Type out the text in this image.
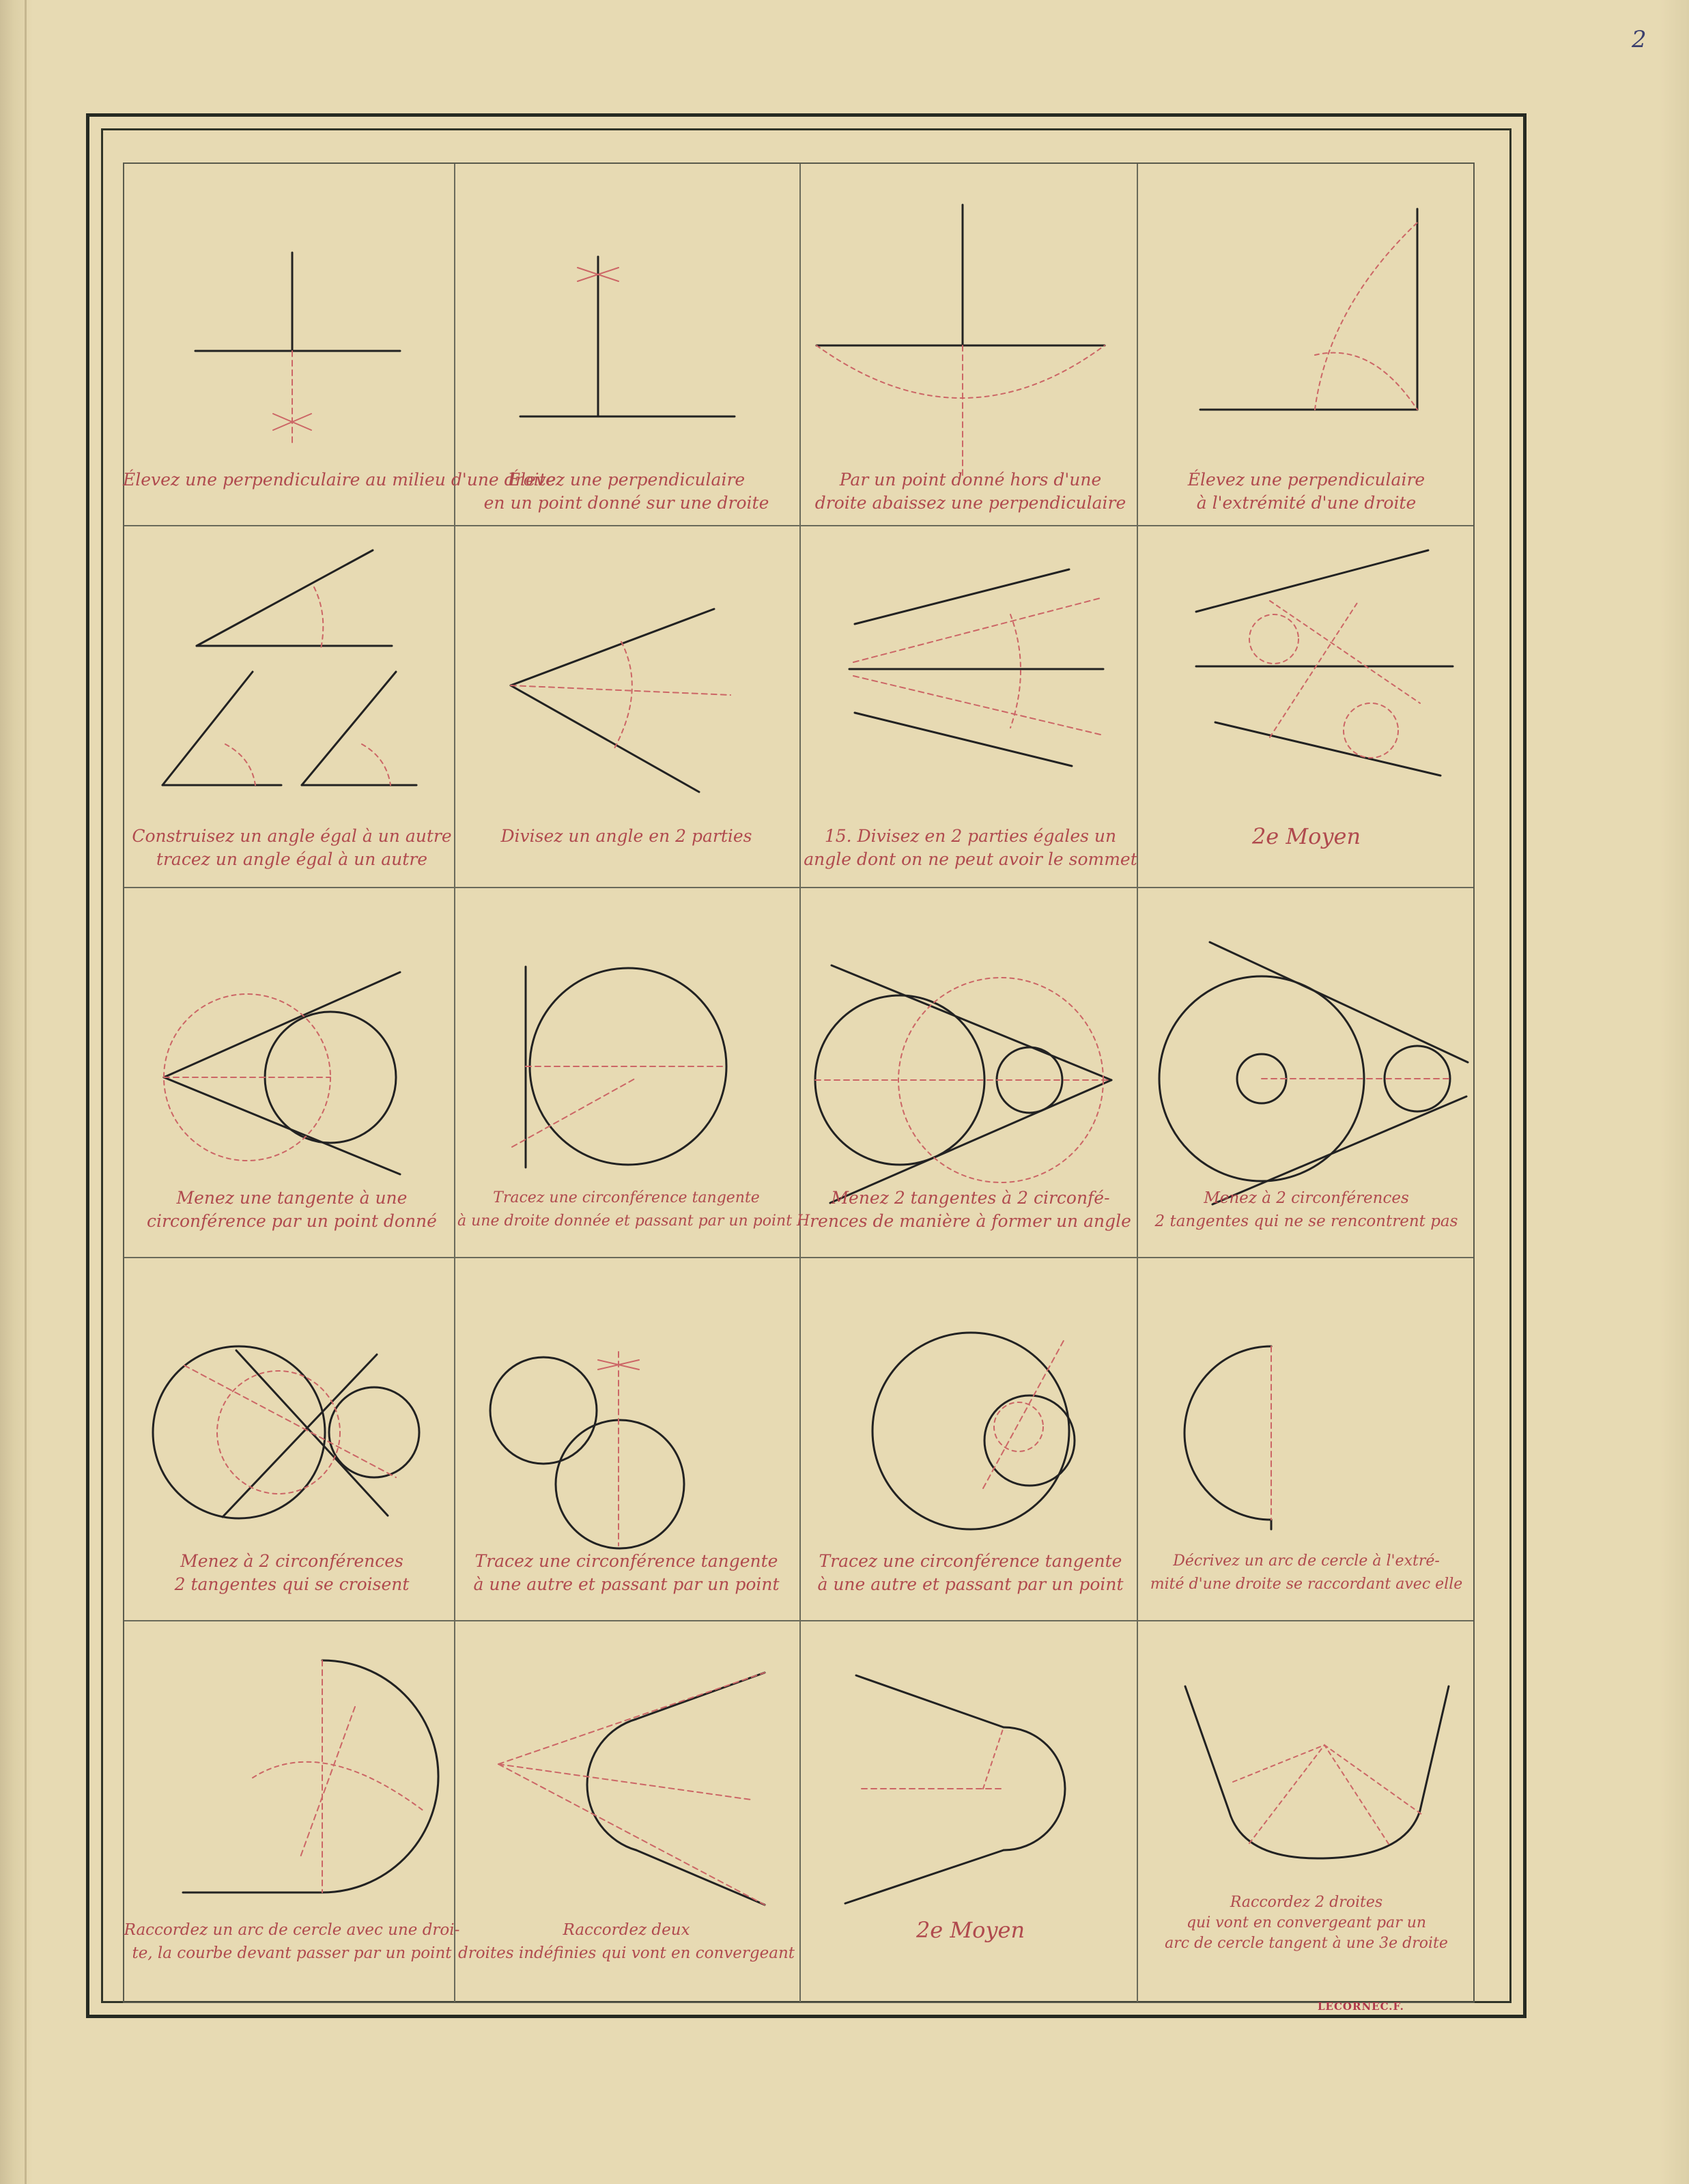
2
Élevez une perpendiculaire au milieu d'une droite
Élevez une perpendiculaire
en un point donné sur une droite
Par un point donné hors d'une
droite abaissez une perpendiculaire
Élevez une perpendiculaire
à l'extrémité d'une droite
Construisez un angle égal à un autre
tracez un angle égal à un autre
Divisez un angle en 2 parties	15. Divisez en 2 parties égales un
angle dont on ne peut avoir le sommet
2e Moyen
Menez une tangente à une
circonférence par un point donné
Tracez une circonférence tangente
à une droite donnée et passant par un point H
Menez 2 tangentes à 2 circonfé-
rences de manière à former un angle
Menez à 2 circonférences
2 tangentes qui ne se rencontrent pas
Menez à 2 circonférences
2 tangentes qui se croisent
Tracez une circonférence tangente
à une autre et passant par un point
Tracez une circonférence tangente
à une autre et passant par un point
Décrivez un arc de cercle à l'extré-
mité d'une droite se raccordant avec elle
Raccordez un arc de cercle avec une droi-
te, la courbe devant passer par un point
Raccordez deux
droites indéfinies qui vont en convergeant
2e Moyen
Raccordez 2 droites
qui vont en convergeant par un
arc de cercle tangent à une 3e droite
LECORNEC.F.
